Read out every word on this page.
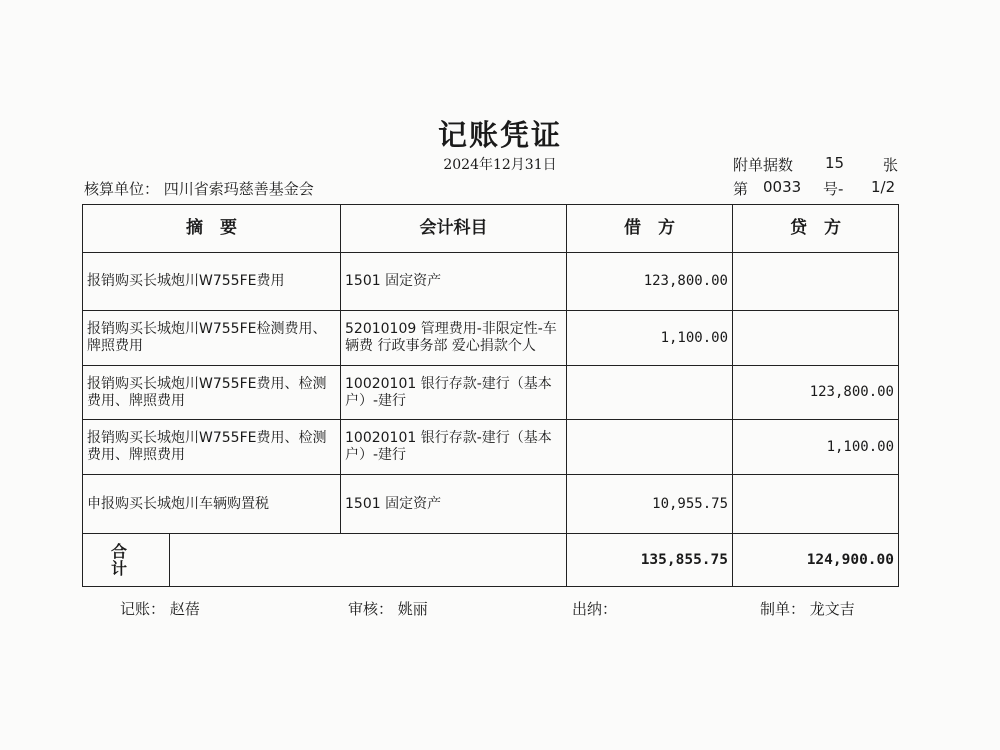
记账凭证
2024年12月31日	附单据数 15	张
核算单位： 四川省索玛慈善基金会	第 0033 号- 1/2
摘　要		会计科目	借　方	贷　方
报销购买长城炮川W755FE费用		1501 固定资产	123,800.00	
报销购买长城炮川W755FE检测费用、牌照费用		52010109 管理费用-非限定性-车辆费 行政事务部 爱心捐款个人	1,100.00	
报销购买长城炮川W755FE费用、检测费用、牌照费用		10020101 银行存款-建行（基本户）-建行		123,800.00
报销购买长城炮川W755FE费用、检测费用、牌照费用		10020101 银行存款-建行（基本户）-建行		1,100.00
申报购买长城炮川车辆购置税		1501 固定资产	10,955.75	
合 计			135,855.75	124,900.00
记账： 赵蓓	审核： 姚丽	出纳：	制单： 龙文吉
